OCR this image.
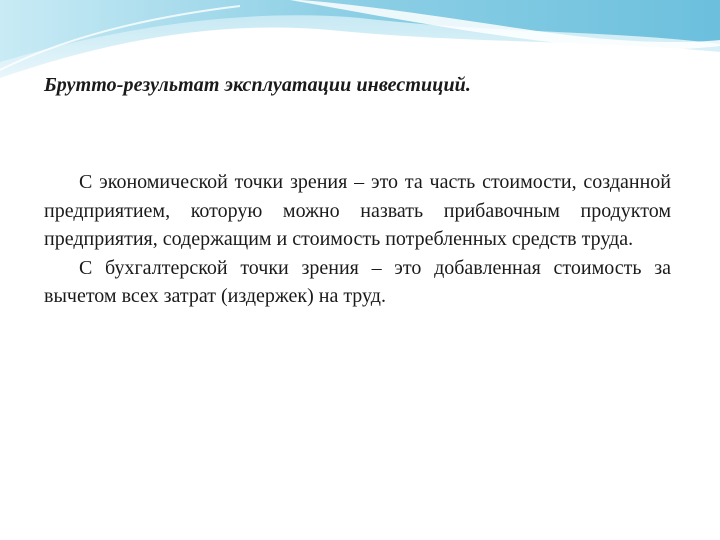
Брутто-результат эксплуатации инвестиций.

С экономической точки зрения – это та часть стоимости, созданной предприятием, которую можно назвать прибавочным продуктом предприятия, содержащим и стоимость потребленных средств труда.

С бухгалтерской точки зрения – это добавленная стоимость за вычетом всех затрат (издержек) на труд.
